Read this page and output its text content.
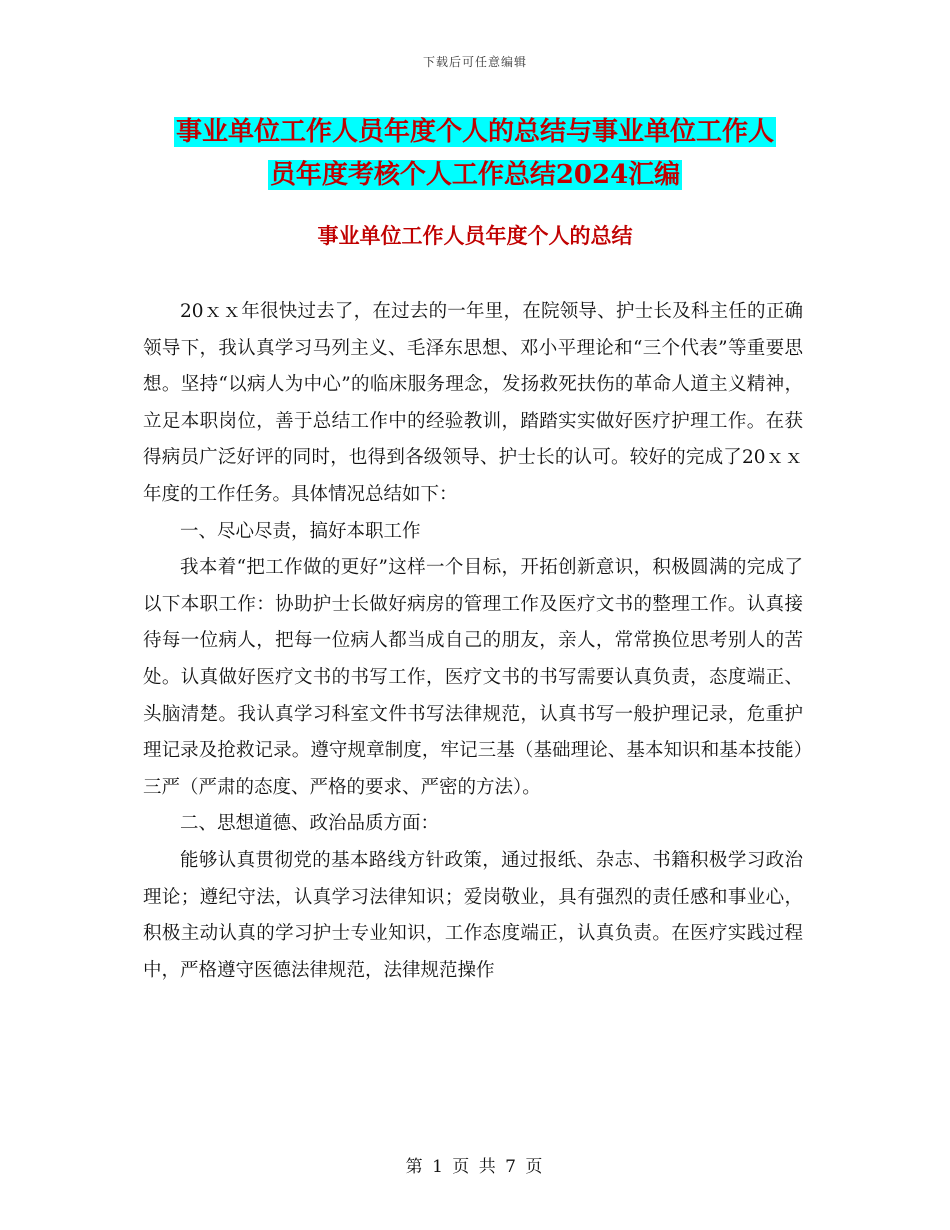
下载后可任意编辑
事业单位工作人员年度个人的总结与事业单位工作人
员年度考核个人工作总结2024汇编
事业单位工作人员年度个人的总结

20ｘｘ年很快过去了，在过去的一年里，在院领导、护士长及科主任的正确领导下，我认真学习马列主义、毛泽东思想、邓小平理论和“三个代表”等重要思想。坚持“以病人为中心”的临床服务理念，发扬救死扶伤的革命人道主义精神，立足本职岗位，善于总结工作中的经验教训，踏踏实实做好医疗护理工作。在获得病员广泛好评的同时，也得到各级领导、护士长的认可。较好的完成了20ｘｘ年度的工作任务。具体情况总结如下：

一、尽心尽责，搞好本职工作

我本着“把工作做的更好”这样一个目标，开拓创新意识，积极圆满的完成了以下本职工作：协助护士长做好病房的管理工作及医疗文书的整理工作。认真接待每一位病人，把每一位病人都当成自己的朋友，亲人，常常换位思考别人的苦处。认真做好医疗文书的书写工作，医疗文书的书写需要认真负责，态度端正、头脑清楚。我认真学习科室文件书写法律规范，认真书写一般护理记录，危重护理记录及抢救记录。遵守规章制度，牢记三基（基础理论、基本知识和基本技能）三严（严肃的态度、严格的要求、严密的方法）。

二、思想道德、政治品质方面：

能够认真贯彻党的基本路线方针政策，通过报纸、杂志、书籍积极学习政治理论；遵纪守法，认真学习法律知识；爱岗敬业，具有强烈的责任感和事业心，积极主动认真的学习护士专业知识，工作态度端正，认真负责。在医疗实践过程中，严格遵守医德法律规范，法律规范操作

第 1 页 共 7 页
